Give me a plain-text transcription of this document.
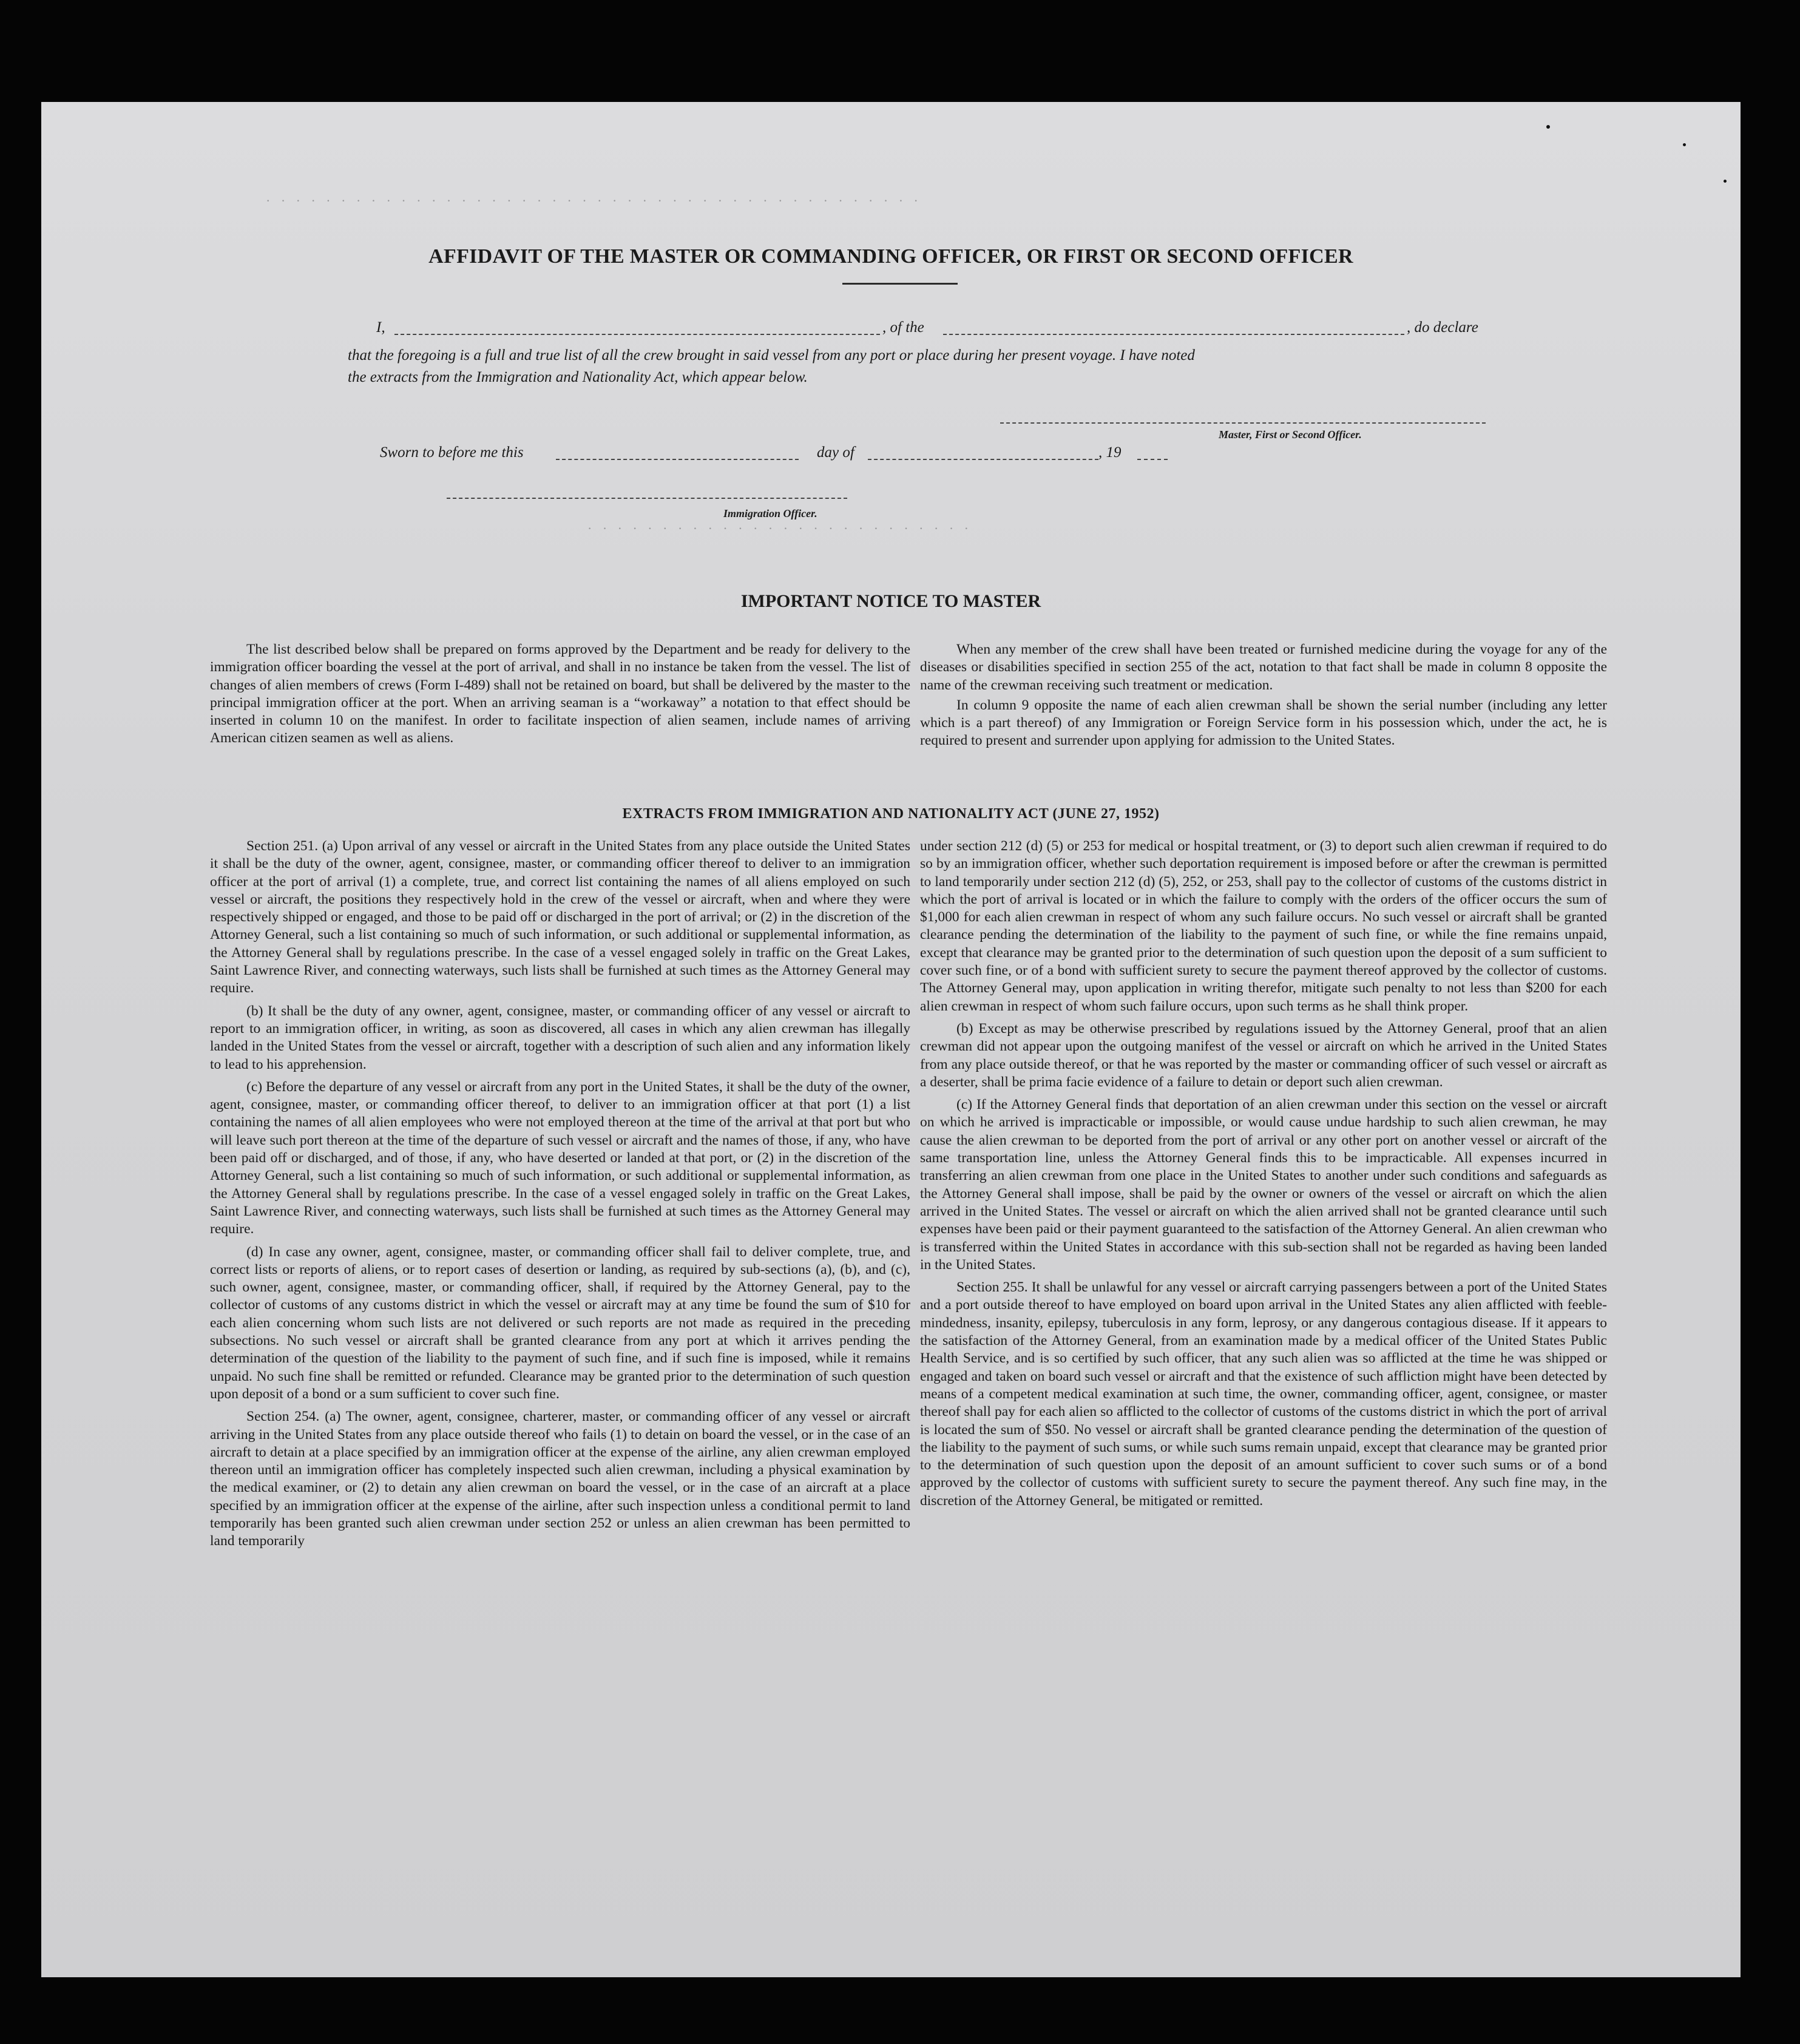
· · · · · · · · · · · · · · · · · · · · · · · · · · · · · · · · · · · · · · · · · · · ·
· · · · · · · · · · · · · · · · · · · · · · · · · ·
AFFIDAVIT OF THE MASTER OR COMMANDING OFFICER, OR FIRST OR SECOND OFFICER
I,	, of the	, do declare
that the foregoing is a full and true list of all the crew brought in said vessel from any port or place during her present voyage. I have noted
the extracts from the Immigration and Nationality Act, which appear below.
Master, First or Second Officer.
Sworn to before me this	day of	, 19
Immigration Officer.
IMPORTANT NOTICE TO MASTER

The list described below shall be prepared on forms approved by the Department and be ready for delivery to the immigration officer boarding the vessel at the port of arrival, and shall in no instance be taken from the vessel. The list of changes of alien members of crews (Form I-489) shall not be retained on board, but shall be delivered by the master to the principal immigration officer at the port. When an arriving seaman is a “workaway” a notation to that effect should be inserted in column 10 on the manifest. In order to facilitate inspection of alien seamen, include names of arriving American citizen seamen as well as aliens.

When any member of the crew shall have been treated or furnished medicine during the voyage for any of the diseases or disabilities specified in section 255 of the act, notation to that fact shall be made in column 8 opposite the name of the crewman receiving such treatment or medication.

In column 9 opposite the name of each alien crewman shall be shown the serial number (including any letter which is a part thereof) of any Immigration or Foreign Service form in his possession which, under the act, he is required to present and surrender upon applying for admission to the United States.

EXTRACTS FROM IMMIGRATION AND NATIONALITY ACT (JUNE 27, 1952)

Section 251. (a) Upon arrival of any vessel or aircraft in the United States from any place outside the United States it shall be the duty of the owner, agent, consignee, master, or commanding officer thereof to deliver to an immigration officer at the port of arrival (1) a complete, true, and correct list containing the names of all aliens employed on such vessel or aircraft, the positions they respectively hold in the crew of the vessel or aircraft, when and where they were respectively shipped or engaged, and those to be paid off or discharged in the port of arrival; or (2) in the discretion of the Attorney General, such a list containing so much of such information, or such additional or supplemental information, as the Attorney General shall by regulations prescribe. In the case of a vessel engaged solely in traffic on the Great Lakes, Saint Lawrence River, and connecting waterways, such lists shall be furnished at such times as the Attorney General may require.

(b) It shall be the duty of any owner, agent, consignee, master, or commanding officer of any vessel or aircraft to report to an immigration officer, in writing, as soon as discovered, all cases in which any alien crewman has illegally landed in the United States from the vessel or aircraft, together with a description of such alien and any information likely to lead to his apprehension.

(c) Before the departure of any vessel or aircraft from any port in the United States, it shall be the duty of the owner, agent, consignee, master, or commanding officer thereof, to deliver to an immigration officer at that port (1) a list containing the names of all alien employees who were not employed thereon at the time of the arrival at that port but who will leave such port thereon at the time of the departure of such vessel or aircraft and the names of those, if any, who have been paid off or discharged, and of those, if any, who have deserted or landed at that port, or (2) in the discretion of the Attorney General, such a list containing so much of such information, or such additional or supplemental information, as the Attorney General shall by regulations prescribe. In the case of a vessel engaged solely in traffic on the Great Lakes, Saint Lawrence River, and connecting waterways, such lists shall be furnished at such times as the Attorney General may require.

(d) In case any owner, agent, consignee, master, or commanding officer shall fail to deliver complete, true, and correct lists or reports of aliens, or to report cases of desertion or landing, as required by sub-sections (a), (b), and (c), such owner, agent, consignee, master, or commanding officer, shall, if required by the Attorney General, pay to the collector of customs of any customs district in which the vessel or aircraft may at any time be found the sum of $10 for each alien concerning whom such lists are not delivered or such reports are not made as required in the preceding subsections. No such vessel or aircraft shall be granted clearance from any port at which it arrives pending the determination of the question of the liability to the payment of such fine, and if such fine is imposed, while it remains unpaid. No such fine shall be remitted or refunded. Clearance may be granted prior to the determination of such question upon deposit of a bond or a sum sufficient to cover such fine.

Section 254. (a) The owner, agent, consignee, charterer, master, or commanding officer of any vessel or aircraft arriving in the United States from any place outside thereof who fails (1) to detain on board the vessel, or in the case of an aircraft to detain at a place specified by an immigration officer at the expense of the airline, any alien crewman employed thereon until an immigration officer has completely inspected such alien crewman, including a physical examination by the medical examiner, or (2) to detain any alien crewman on board the vessel, or in the case of an aircraft at a place specified by an immigration officer at the expense of the airline, after such inspection unless a conditional permit to land temporarily has been granted such alien crewman under section 252 or unless an alien crewman has been permitted to land temporarily

under section 212 (d) (5) or 253 for medical or hospital treatment, or (3) to deport such alien crewman if required to do so by an immigration officer, whether such deportation requirement is imposed before or after the crewman is permitted to land temporarily under section 212 (d) (5), 252, or 253, shall pay to the collector of customs of the customs district in which the port of arrival is located or in which the failure to comply with the orders of the officer occurs the sum of $1,000 for each alien crewman in respect of whom any such failure occurs. No such vessel or aircraft shall be granted clearance pending the determination of the liability to the payment of such fine, or while the fine remains unpaid, except that clearance may be granted prior to the determination of such question upon the deposit of a sum sufficient to cover such fine, or of a bond with sufficient surety to secure the payment thereof approved by the collector of customs. The Attorney General may, upon application in writing therefor, mitigate such penalty to not less than $200 for each alien crewman in respect of whom such failure occurs, upon such terms as he shall think proper.

(b) Except as may be otherwise prescribed by regulations issued by the Attorney General, proof that an alien crewman did not appear upon the outgoing manifest of the vessel or aircraft on which he arrived in the United States from any place outside thereof, or that he was reported by the master or commanding officer of such vessel or aircraft as a deserter, shall be prima facie evidence of a failure to detain or deport such alien crewman.

(c) If the Attorney General finds that deportation of an alien crewman under this section on the vessel or aircraft on which he arrived is impracticable or impossible, or would cause undue hardship to such alien crewman, he may cause the alien crewman to be deported from the port of arrival or any other port on another vessel or aircraft of the same transportation line, unless the Attorney General finds this to be impracticable. All expenses incurred in transferring an alien crewman from one place in the United States to another under such conditions and safeguards as the Attorney General shall impose, shall be paid by the owner or owners of the vessel or aircraft on which the alien arrived in the United States. The vessel or aircraft on which the alien arrived shall not be granted clearance until such expenses have been paid or their payment guaranteed to the satisfaction of the Attorney General. An alien crewman who is transferred within the United States in accordance with this sub-section shall not be regarded as having been landed in the United States.

Section 255. It shall be unlawful for any vessel or aircraft carrying passengers between a port of the United States and a port outside thereof to have employed on board upon arrival in the United States any alien afflicted with feeble-mindedness, insanity, epilepsy, tuberculosis in any form, leprosy, or any dangerous contagious disease. If it appears to the satisfaction of the Attorney General, from an examination made by a medical officer of the United States Public Health Service, and is so certified by such officer, that any such alien was so afflicted at the time he was shipped or engaged and taken on board such vessel or aircraft and that the existence of such affliction might have been detected by means of a competent medical examination at such time, the owner, commanding officer, agent, consignee, or master thereof shall pay for each alien so afflicted to the collector of customs of the customs district in which the port of arrival is located the sum of $50. No vessel or aircraft shall be granted clearance pending the determination of the question of the liability to the payment of such sums, or while such sums remain unpaid, except that clearance may be granted prior to the determination of such question upon the deposit of an amount sufficient to cover such sums or of a bond approved by the collector of customs with sufficient surety to secure the payment thereof. Any such fine may, in the discretion of the Attorney General, be mitigated or remitted.
